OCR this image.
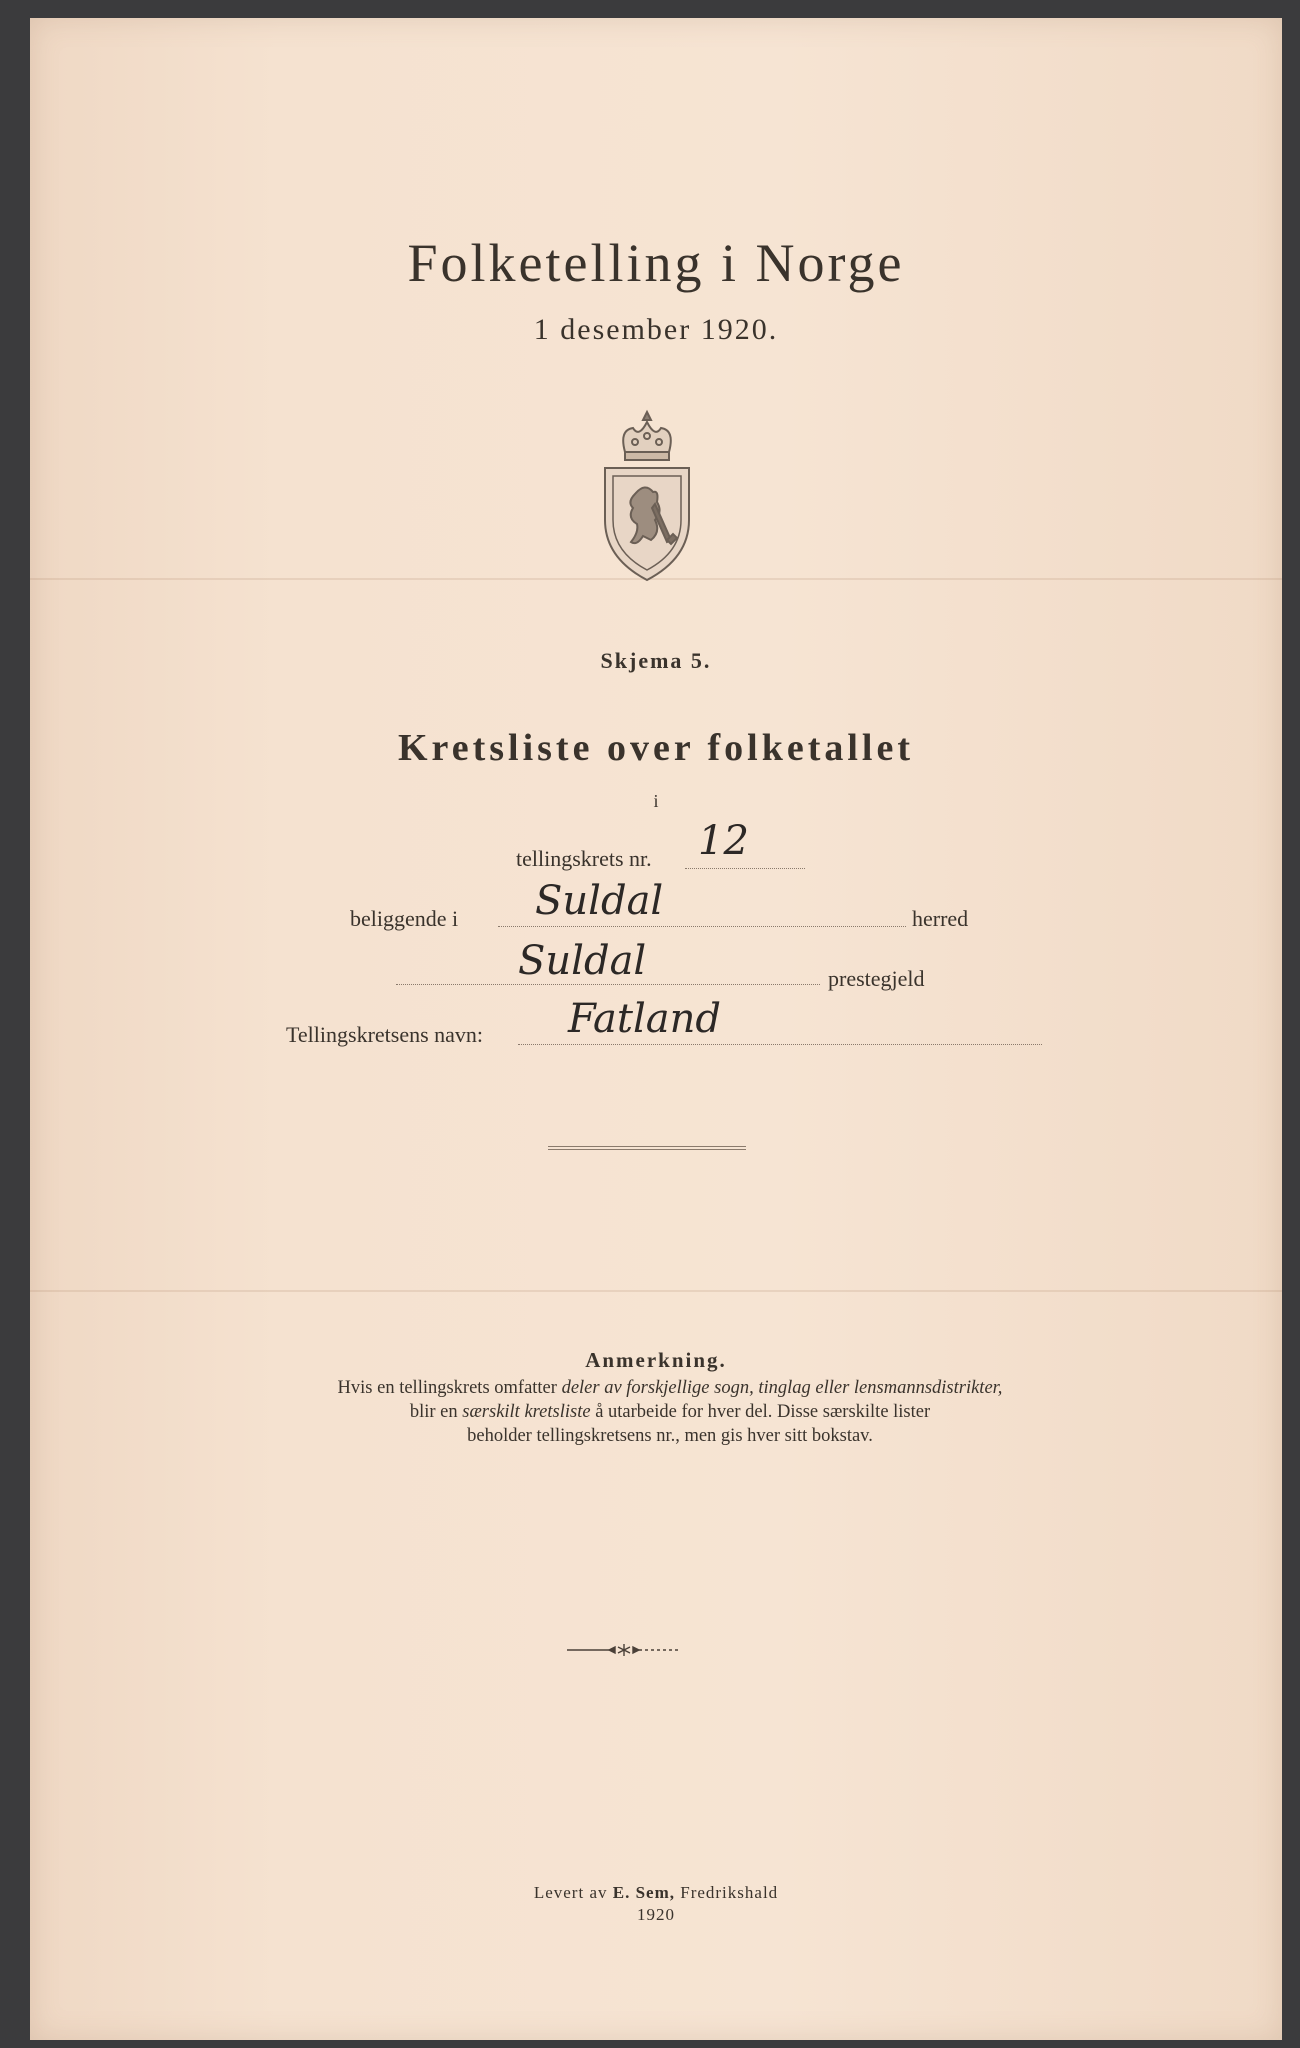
Folketelling i Norge
1 desember 1920.
Skjema 5.
Kretsliste over folketallet
i
tellingskrets nr. 12
beliggende i Suldal	herred
Suldal	prestegjeld
Tellingskretsens navn: Fatland
Anmerkning.
Hvis en tellingskrets omfatter deler av forskjellige sogn, tinglag eller lensmannsdistrikter,
blir en særskilt kretsliste å utarbeide for hver del. Disse særskilte lister
beholder tellingskretsens nr., men gis hver sitt bokstav.
Levert av E. Sem, Fredrikshald
1920
